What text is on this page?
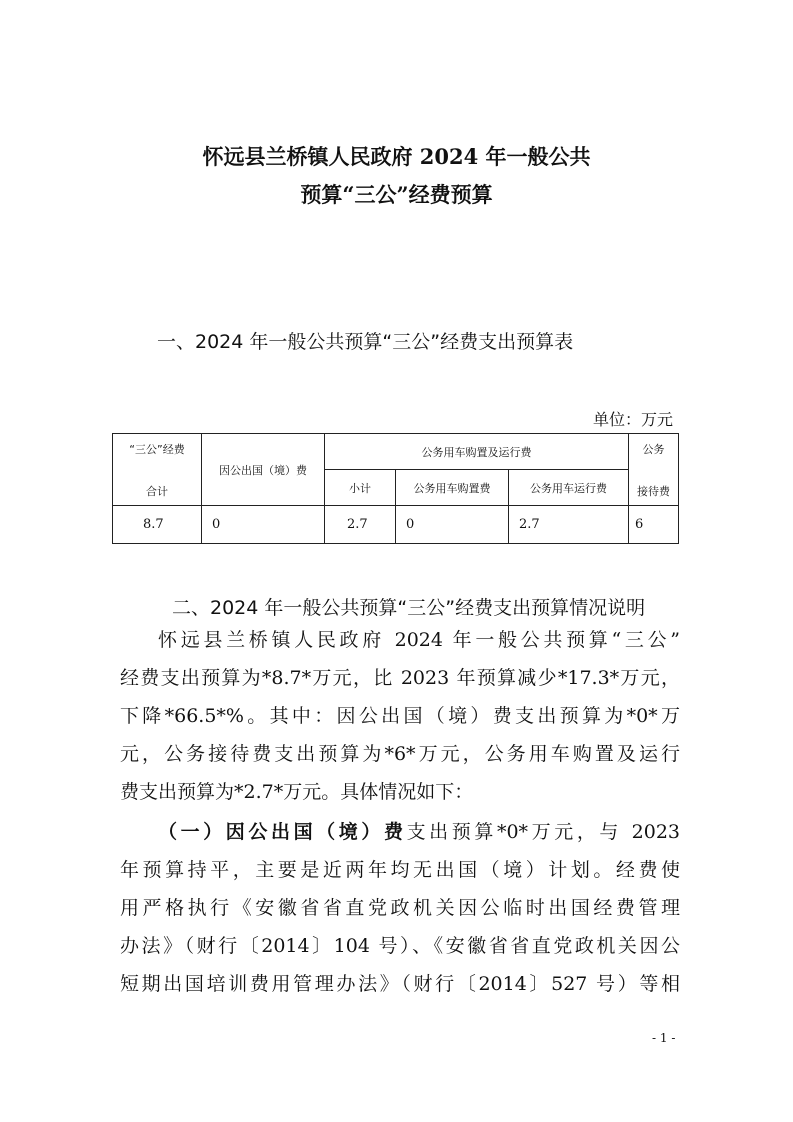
怀远县兰桥镇人民政府 2024 年一般公共
预算“三公”经费预算
一、2024 年一般公共预算“三公”经费支出预算表
单位：万元
“三公”经费
合计	因公出国（境）费	公务用车购置及运行费			公务
接待费

		小计	公务用车购置费	公务用车运行费	
8.7	0	2.7	0	2.7	6
二、2024 年一般公共预算“三公”经费支出预算情况说明
怀远县兰桥镇人民政府 2024 年一般公共预算“三公”
经费支出预算为*8.7*万元，比 2023 年预算减少*17.3*万元，
下降*66.5*%。其中：因公出国（境）费支出预算为*0*万
元，公务接待费支出预算为*6*万元，公务用车购置及运行
费支出预算为*2.7*万元。具体情况如下：
（一）因公出国（境）费支出预算*0*万元，与 2023
年预算持平，主要是近两年均无出国（境）计划。经费使
用严格执行《安徽省省直党政机关因公临时出国经费管理
办法》（财行〔2014〕104 号）、《安徽省省直党政机关因公
短期出国培训费用管理办法》（财行〔2014〕527 号）等相
- 1 -
